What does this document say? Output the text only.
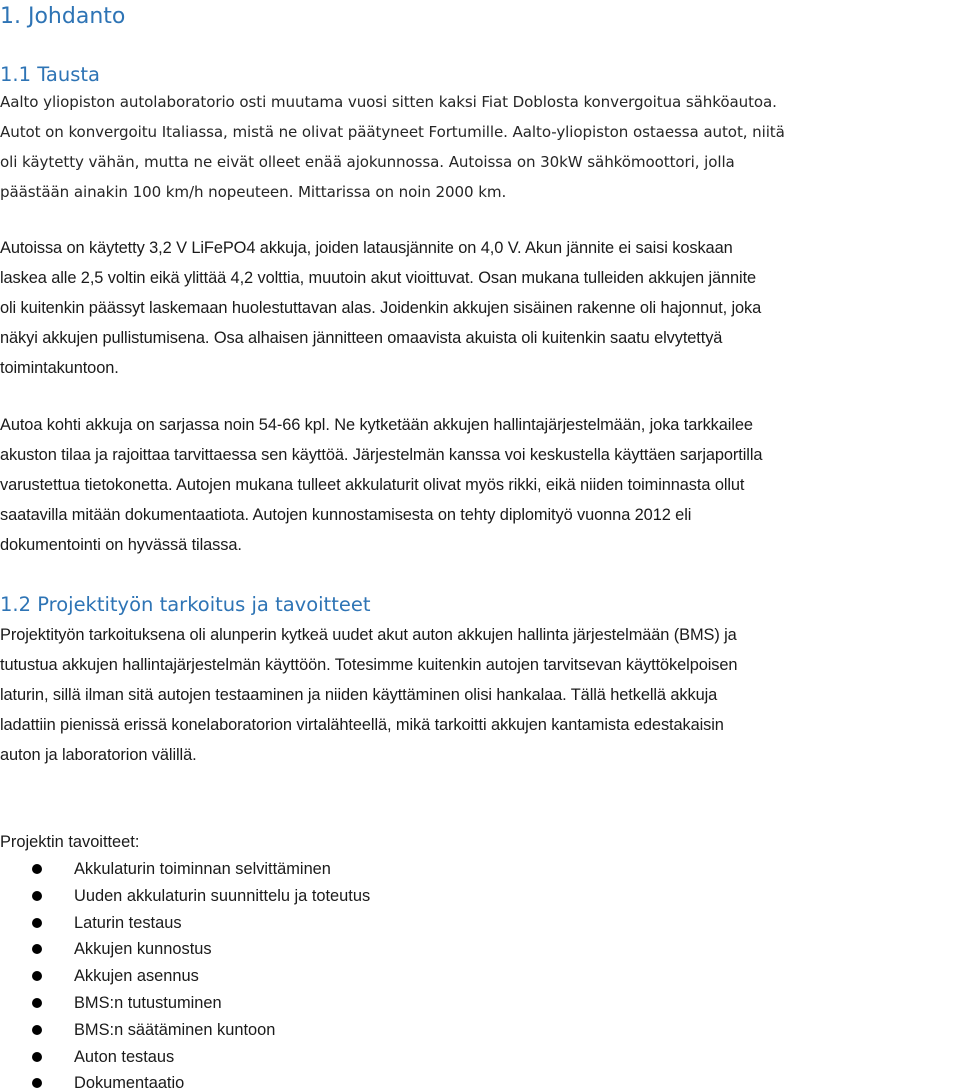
1. Johdanto
1.1 Tausta
Aalto yliopiston autolaboratorio osti muutama vuosi sitten kaksi Fiat Doblosta konvergoitua sähköautoa.
Autot on konvergoitu Italiassa, mistä ne olivat päätyneet Fortumille. Aalto-yliopiston ostaessa autot, niitä
oli käytetty vähän, mutta ne eivät olleet enää ajokunnossa. Autoissa on 30kW sähkömoottori, jolla
päästään ainakin 100 km/h nopeuteen. Mittarissa on noin 2000 km.
Autoissa on käytetty 3,2 V LiFePO4 akkuja, joiden latausjännite on 4,0 V. Akun jännite ei saisi koskaan
laskea alle 2,5 voltin eikä ylittää 4,2 volttia, muutoin akut vioittuvat. Osan mukana tulleiden akkujen jännite
oli kuitenkin päässyt laskemaan huolestuttavan alas. Joidenkin akkujen sisäinen rakenne oli hajonnut, joka
näkyi akkujen pullistumisena. Osa alhaisen jännitteen omaavista akuista oli kuitenkin saatu elvytettyä
toimintakuntoon.
Autoa kohti akkuja on sarjassa noin 54-66 kpl. Ne kytketään akkujen hallintajärjestelmään, joka tarkkailee
akuston tilaa ja rajoittaa tarvittaessa sen käyttöä. Järjestelmän kanssa voi keskustella käyttäen sarjaportilla
varustettua tietokonetta. Autojen mukana tulleet akkulaturit olivat myös rikki, eikä niiden toiminnasta ollut
saatavilla mitään dokumentaatiota. Autojen kunnostamisesta on tehty diplomityö vuonna 2012 eli
dokumentointi on hyvässä tilassa.
1.2 Projektityön tarkoitus ja tavoitteet
Projektityön tarkoituksena oli alunperin kytkeä uudet akut auton akkujen hallinta järjestelmään (BMS) ja
tutustua akkujen hallintajärjestelmän käyttöön. Totesimme kuitenkin autojen tarvitsevan käyttökelpoisen
laturin, sillä ilman sitä autojen testaaminen ja niiden käyttäminen olisi hankalaa. Tällä hetkellä akkuja
ladattiin pienissä erissä konelaboratorion virtalähteellä, mikä tarkoitti akkujen kantamista edestakaisin
auton ja laboratorion välillä.

Projektin tavoitteet:

Akkulaturin toiminnan selvittäminen
Uuden akkulaturin suunnittelu ja toteutus
Laturin testaus
Akkujen kunnostus
Akkujen asennus
BMS:n tutustuminen
BMS:n säätäminen kuntoon
Auton testaus
Dokumentaatio
